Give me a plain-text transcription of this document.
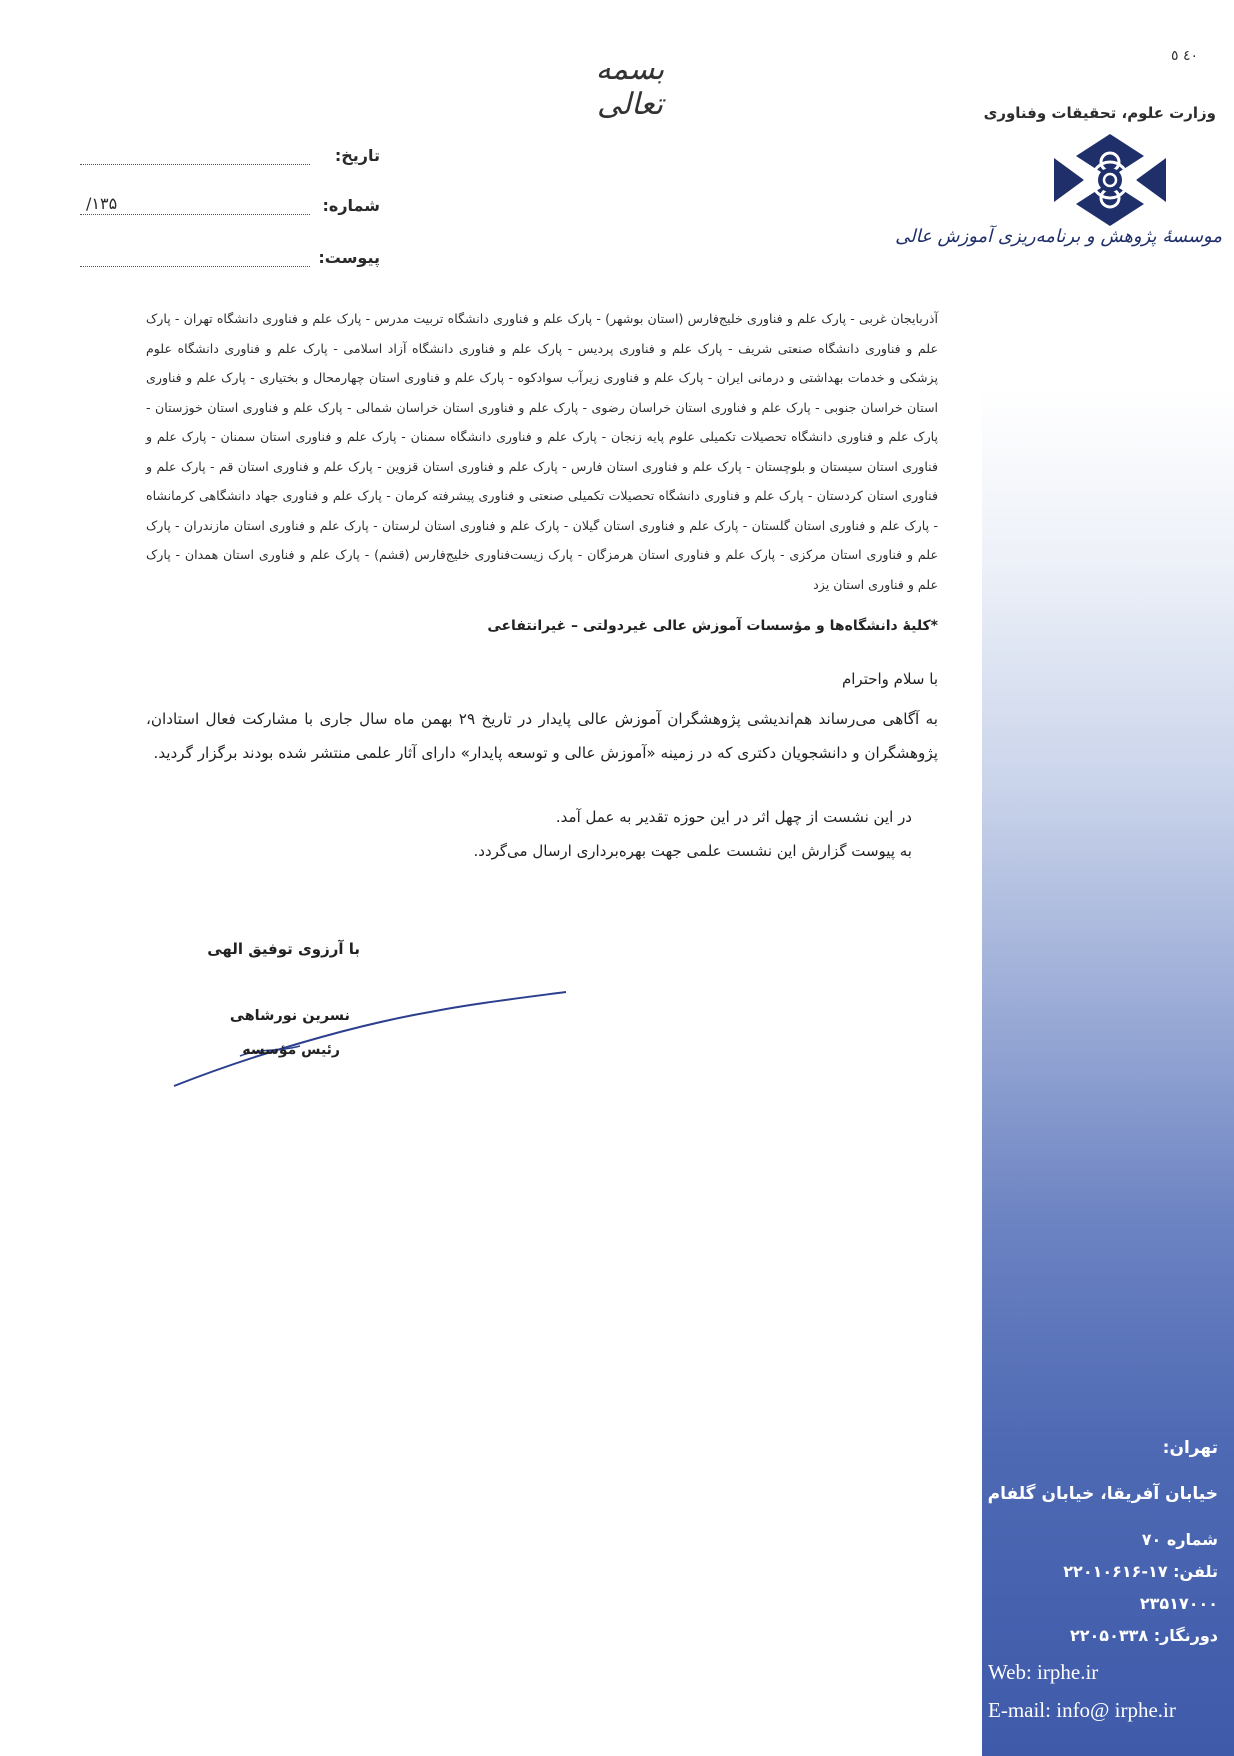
٤٠ ٥
وزارت علوم، تحقیقات وفناوری
موسسۀ پژوهش و برنامه‌ریزی آموزش عالی
تهران:
خیابان آفریقا، خیابان گلفام
شماره ۷۰
تلفن: ۱۷-۲۲۰۱۰۶۱۶
۲۳۵۱۷۰۰۰
دورنگار: ۲۲۰۵۰۳۳۸
Web: irphe.ir
E-mail: info@ irphe.ir
بسمه تعالی
تاریخ:
شماره:
۱۳۵/
پیوست:

آذربایجان غربی - پارک علم و فناوری خلیج‌فارس (استان بوشهر) - پارک علم و فناوری دانشگاه تربیت مدرس - پارک علم و فناوری دانشگاه تهران - پارک علم و فناوری دانشگاه صنعتی شریف - پارک علم و فناوری پردیس - پارک علم و فناوری دانشگاه آزاد اسلامی - پارک علم و فناوری دانشگاه علوم پزشکی و خدمات بهداشتی و درمانی ایران - پارک علم و فناوری زیرآب سوادکوه - پارک علم و فناوری استان چهارمحال و بختیاری - پارک علم و فناوری استان خراسان جنوبی - پارک علم و فناوری استان خراسان رضوی - پارک علم و فناوری استان خراسان شمالی - پارک علم و فناوری استان خوزستان - پارک علم و فناوری دانشگاه تحصیلات تکمیلی علوم پایه زنجان - پارک علم و فناوری دانشگاه سمنان - پارک علم و فناوری استان سمنان - پارک علم و فناوری استان سیستان و بلوچستان - پارک علم و فناوری استان فارس - پارک علم و فناوری استان قزوین - پارک علم و فناوری استان قم - پارک علم و فناوری استان کردستان - پارک علم و فناوری دانشگاه تحصیلات تکمیلی صنعتی و فناوری پیشرفته کرمان - پارک علم و فناوری جهاد دانشگاهی کرمانشاه - پارک علم و فناوری استان گلستان - پارک علم و فناوری استان گیلان - پارک علم و فناوری استان لرستان - پارک علم و فناوری استان مازندران - پارک علم و فناوری استان مرکزی - پارک علم و فناوری استان هرمزگان - پارک زیست‌فناوری خلیج‌فارس (قشم) - پارک علم و فناوری استان همدان - پارک علم و فناوری استان یزد

*کلیهٔ دانشگاه‌ها و مؤسسات آموزش عالی غیردولتی – غیرانتفاعی
با سلام واحترام

به آگاهی می‌رساند هم‌اندیشی پژوهشگران آموزش عالی پایدار در تاریخ ۲۹ بهمن ماه سال جاری با مشارکت فعال استادان، پژوهشگران و دانشجویان دکتری که در زمینه «آموزش عالی و توسعه پایدار» دارای آثار علمی منتشر شده بودند برگزار گردید.

در این نشست از چهل اثر در این حوزه تقدیر به عمل آمد.
به پیوست گزارش این نشست علمی جهت بهره‌برداری ارسال می‌گردد.
با آرزوی توفیق الهی
نسرین نورشاهی
رئیس مؤسسه
